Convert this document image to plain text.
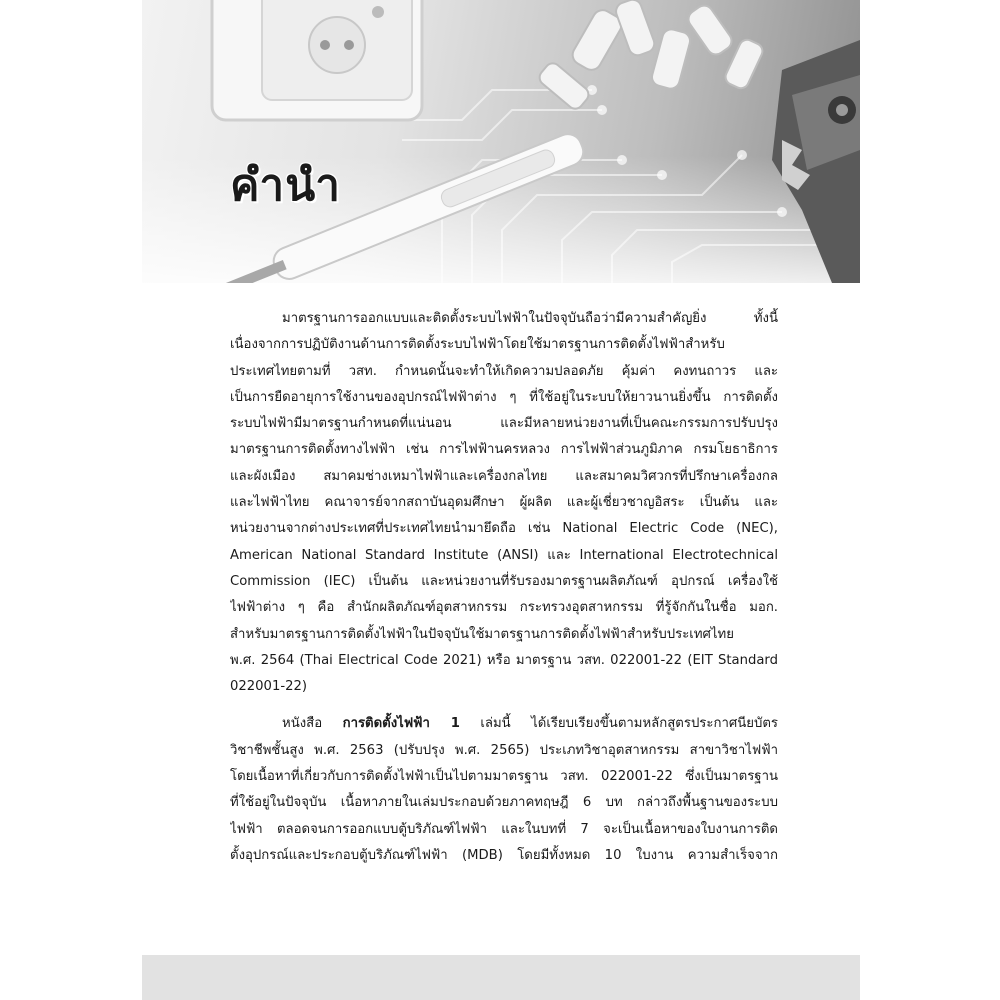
คำนำ
มาตรฐานการออกแบบและติดตั้งระบบไฟฟ้าในปัจจุบันถือว่ามีความสำคัญยิ่ง ทั้งนี้
เนื่องจากการปฏิบัติงานด้านการติดตั้งระบบไฟฟ้าโดยใช้มาตรฐานการติดตั้งไฟฟ้าสำหรับ
ประเทศไทยตามที่ วสท. กำหนดนั้นจะทำให้เกิดความปลอดภัย คุ้มค่า คงทนถาวร และ
เป็นการยืดอายุการใช้งานของอุปกรณ์ไฟฟ้าต่าง ๆ ที่ใช้อยู่ในระบบให้ยาวนานยิ่งขึ้น การติดตั้ง
ระบบไฟฟ้ามีมาตรฐานกำหนดที่แน่นอน และมีหลายหน่วยงานที่เป็นคณะกรรมการปรับปรุง
มาตรฐานการติดตั้งทางไฟฟ้า เช่น การไฟฟ้านครหลวง การไฟฟ้าส่วนภูมิภาค กรมโยธาธิการ
และผังเมือง สมาคมช่างเหมาไฟฟ้าและเครื่องกลไทย และสมาคมวิศวกรที่ปรึกษาเครื่องกล
และไฟฟ้าไทย คณาจารย์จากสถาบันอุดมศึกษา ผู้ผลิต และผู้เชี่ยวชาญอิสระ เป็นต้น และ
หน่วยงานจากต่างประเทศที่ประเทศไทยนำมายึดถือ เช่น National Electric Code (NEC),
American National Standard Institute (ANSI) และ International Electrotechnical
Commission (IEC) เป็นต้น และหน่วยงานที่รับรองมาตรฐานผลิตภัณฑ์ อุปกรณ์ เครื่องใช้
ไฟฟ้าต่าง ๆ คือ สำนักผลิตภัณฑ์อุตสาหกรรม กระทรวงอุตสาหกรรม ที่รู้จักกันในชื่อ มอก.
สำหรับมาตรฐานการติดตั้งไฟฟ้าในปัจจุบันใช้มาตรฐานการติดตั้งไฟฟ้าสำหรับประเทศไทย
พ.ศ. 2564 (Thai Electrical Code 2021) หรือ มาตรฐาน วสท. 022001-22 (EIT Standard
022001-22)
หนังสือ การติดตั้งไฟฟ้า 1 เล่มนี้ ได้เรียบเรียงขึ้นตามหลักสูตรประกาศนียบัตร
วิชาชีพชั้นสูง พ.ศ. 2563 (ปรับปรุง พ.ศ. 2565) ประเภทวิชาอุตสาหกรรม สาขาวิชาไฟฟ้า
โดยเนื้อหาที่เกี่ยวกับการติดตั้งไฟฟ้าเป็นไปตามมาตรฐาน วสท. 022001-22 ซึ่งเป็นมาตรฐาน
ที่ใช้อยู่ในปัจจุบัน เนื้อหาภายในเล่มประกอบด้วยภาคทฤษฎี 6 บท กล่าวถึงพื้นฐานของระบบ
ไฟฟ้า ตลอดจนการออกแบบตู้บริภัณฑ์ไฟฟ้า และในบทที่ 7 จะเป็นเนื้อหาของใบงานการติด
ตั้งอุปกรณ์และประกอบตู้บริภัณฑ์ไฟฟ้า (MDB) โดยมีทั้งหมด 10 ใบงาน ความสำเร็จจาก
